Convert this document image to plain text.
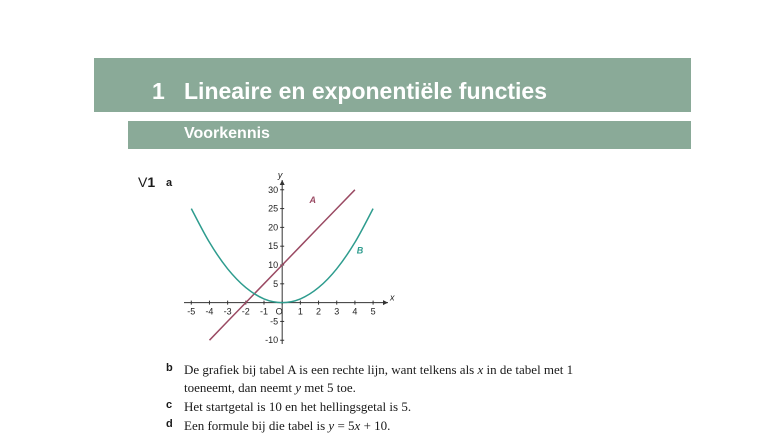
1 Lineaire en exponentiële functies
Voorkennis
V1 a
-5 -4 -3 -2 -1 O 1 2 3 4 5
-10
-5
5
10
15
20
25
30
x
y
A
B
b De grafiek bij tabel A is een rechte lijn, want telkens als x in de tabel met 1
toeneemt, dan neemt y met 5 toe.
c Het startgetal is 10 en het hellingsgetal is 5.
d Een formule bij die tabel is y = 5x + 10.
